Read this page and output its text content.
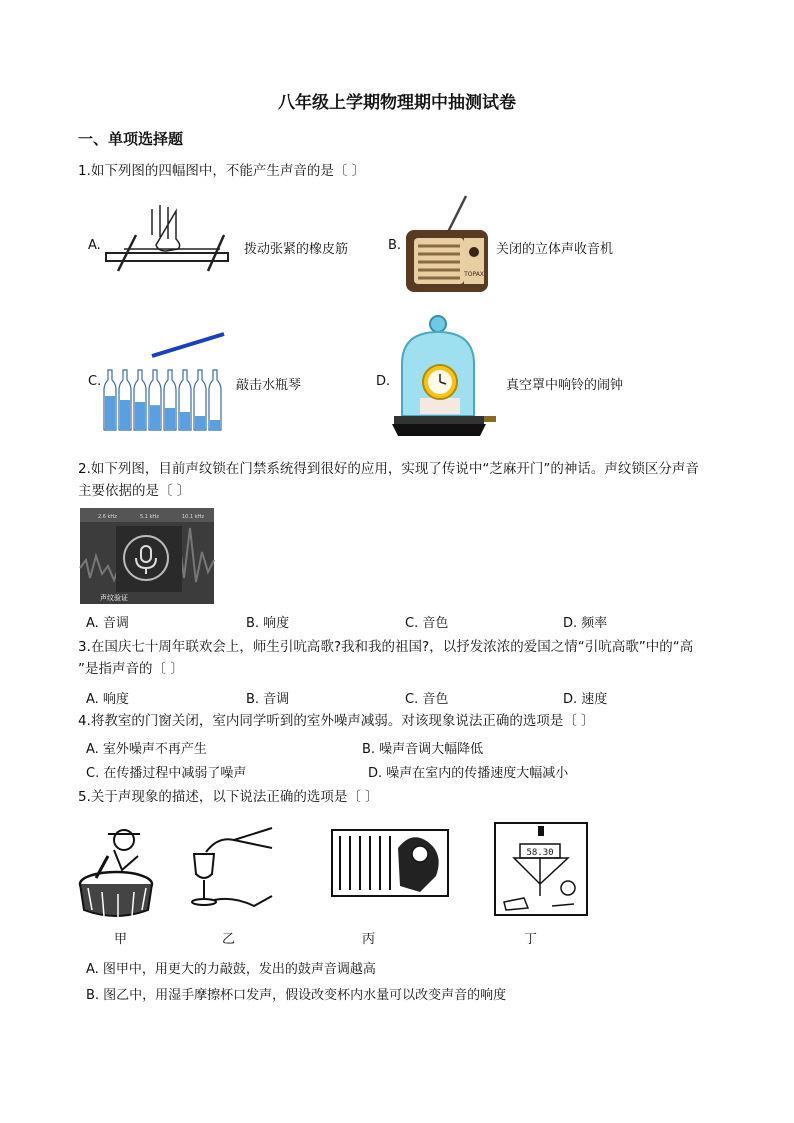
八年级上学期物理期中抽测试卷
一、单项选择题
1.如下列图的四幅图中，不能产生声音的是〔 〕
A.	拨动张紧的橡皮筋	B.
TOPAX
关闭的立体声收音机
C.	敲击水瓶琴	D.	真空罩中响铃的闹钟
2.如下列图，目前声纹锁在门禁系统得到很好的应用，实现了传说中“芝麻开门”的神话。声纹锁区分声音
主要依据的是〔 〕
2.6 kHz	5.1 kHz	10.1 kHz
声纹验证
A. 音调	B. 响度	C. 音色	D. 频率
3.在国庆七十周年联欢会上，师生引吭高歌?我和我的祖国?，以抒发浓浓的爱国之情“引吭高歌”中的“高
”是指声音的〔 〕
A. 响度	B. 音调	C. 音色	D. 速度
4.将教室的门窗关闭，室内同学听到的室外噪声减弱。对该现象说法正确的选项是〔 〕
A. 室外噪声不再产生	B. 噪声音调大幅降低
C. 在传播过程中减弱了噪声	D. 噪声在室内的传播速度大幅减小
5.关于声现象的描述，以下说法正确的选项是〔 〕
58.30
甲	乙	丙	丁
A. 图甲中，用更大的力敲鼓，发出的鼓声音调越高
B. 图乙中，用湿手摩擦杯口发声，假设改变杯内水量可以改变声音的响度
